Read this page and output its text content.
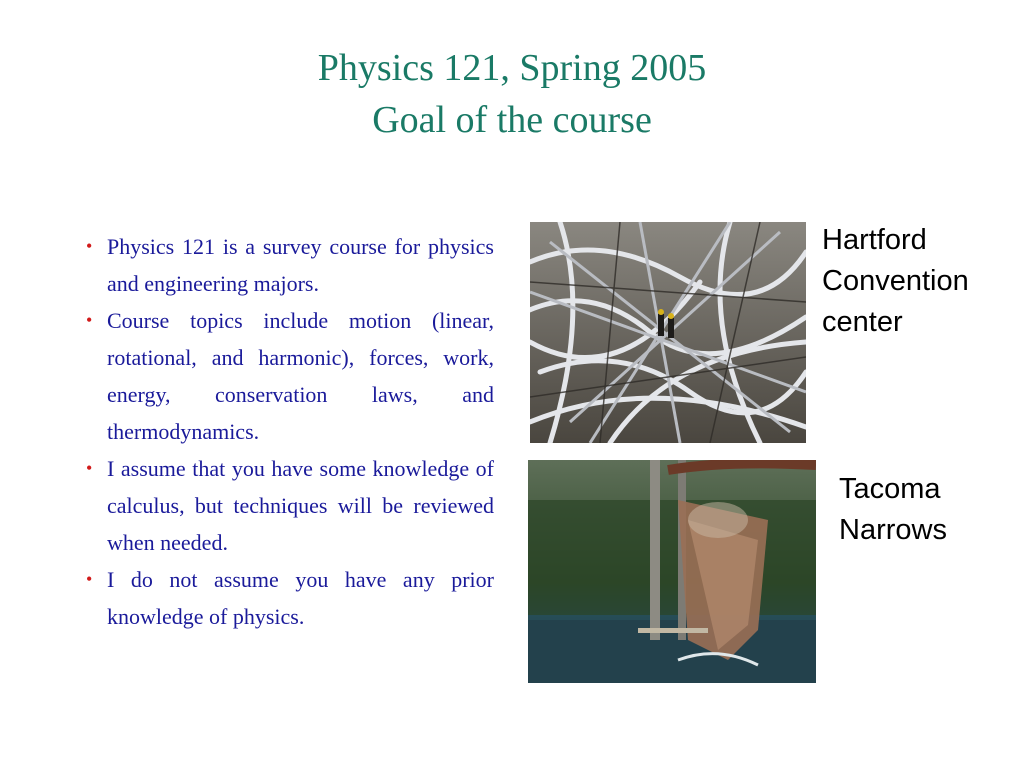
Physics 121, Spring 2005
Goal of the course
• Physics 121 is a survey course for physics and engineering majors.
• Course topics include motion (linear, rotational, and harmonic), forces, work, energy, conservation laws, and thermodynamics.
• I assume that you have some knowledge of calculus, but techniques will be reviewed when needed.
• I do not assume you have any prior knowledge of physics.
Hartford
Convention
center
Tacoma
Narrows
